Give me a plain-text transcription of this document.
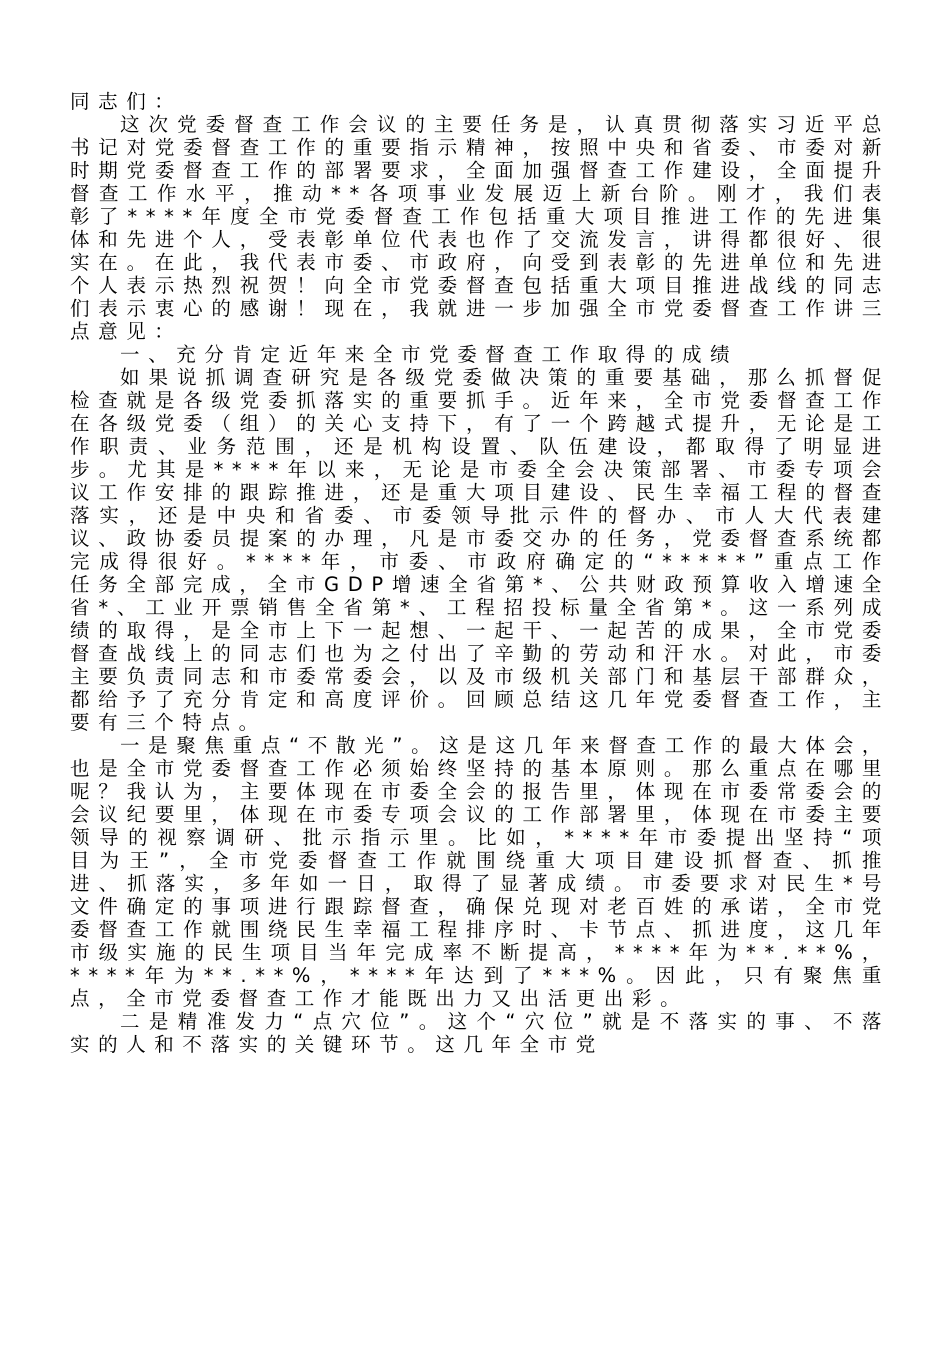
同志们：

这次党委督查工作会议的主要任务是，认真贯彻落实习近平总书记对党委督查工作的重要指示精神，按照中央和省委、市委对新时期党委督查工作的部署要求，全面加强督查工作建设，全面提升督查工作水平，推动**各项事业发展迈上新台阶。刚才，我们表彰了****年度全市党委督查工作包括重大项目推进工作的先进集体和先进个人，受表彰单位代表也作了交流发言，讲得都很好、很实在。在此，我代表市委、市政府，向受到表彰的先进单位和先进个人表示热烈祝贺！向全市党委督查包括重大项目推进战线的同志们表示衷心的感谢！现在，我就进一步加强全市党委督查工作讲三点意见：

一、充分肯定近年来全市党委督查工作取得的成绩

如果说抓调查研究是各级党委做决策的重要基础，那么抓督促检查就是各级党委抓落实的重要抓手。近年来，全市党委督查工作在各级党委（组）的关心支持下，有了一个跨越式提升，无论是工作职责、业务范围，还是机构设置、队伍建设，都取得了明显进步。尤其是****年以来，无论是市委全会决策部署、市委专项会议工作安排的跟踪推进，还是重大项目建设、民生幸福工程的督查落实，还是中央和省委、市委领导批示件的督办、市人大代表建议、政协委员提案的办理，凡是市委交办的任务，党委督查系统都完成得很好。****年，市委、市政府确定的“*****”重点工作任务全部完成，全市GDP增速全省第*、公共财政预算收入增速全省*、工业开票销售全省第*、工程招投标量全省第*。这一系列成绩的取得，是全市上下一起想、一起干、一起苦的成果，全市党委督查战线上的同志们也为之付出了辛勤的劳动和汗水。对此，市委主要负责同志和市委常委会，以及市级机关部门和基层干部群众，都给予了充分肯定和高度评价。回顾总结这几年党委督查工作，主要有三个特点。

一是聚焦重点“不散光”。这是这几年来督查工作的最大体会，也是全市党委督查工作必须始终坚持的基本原则。那么重点在哪里呢？我认为，主要体现在市委全会的报告里，体现在市委常委会的会议纪要里，体现在市委专项会议的工作部署里，体现在市委主要领导的视察调研、批示指示里。比如，****年市委提出坚持“项目为王”，全市党委督查工作就围绕重大项目建设抓督查、抓推进、抓落实，多年如一日，取得了显著成绩。市委要求对民生*号文件确定的事项进行跟踪督查，确保兑现对老百姓的承诺，全市党委督查工作就围绕民生幸福工程排序时、卡节点、抓进度，这几年市级实施的民生项目当年完成率不断提高，****年为**.**%，****年为**.**%，****年达到了***%。因此，只有聚焦重点，全市党委督查工作才能既出力又出活更出彩。

二是精准发力“点穴位”。这个“穴位”就是不落实的事、不落实的人和不落实的关键环节。这几年全市党
